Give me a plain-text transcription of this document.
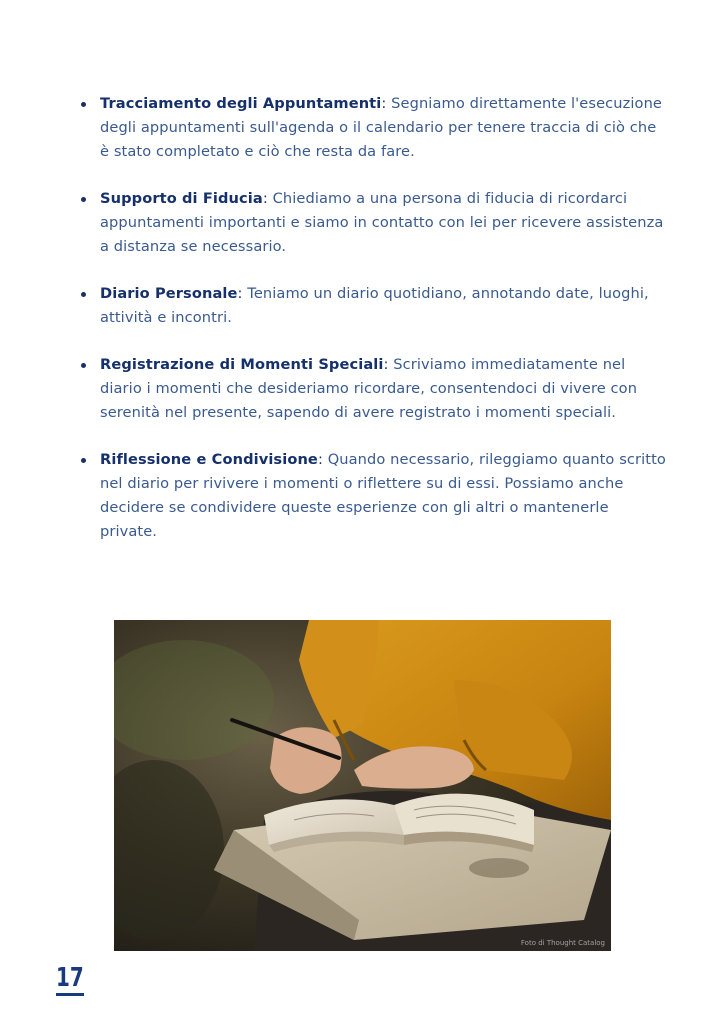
Tracciamento degli Appuntamenti: Segniamo direttamente l'esecuzione degli appuntamenti sull'agenda o il calendario per tenere traccia di ciò che è stato completato e ciò che resta da fare.
Supporto di Fiducia: Chiediamo a una persona di fiducia di ricordarci appuntamenti importanti e siamo in contatto con lei per ricevere assistenza a distanza se necessario.
Diario Personale: Teniamo un diario quotidiano, annotando date, luoghi, attività e incontri.
Registrazione di Momenti Speciali: Scriviamo immediatamente nel diario i momenti che desideriamo ricordare, consentendoci di vivere con serenità nel presente, sapendo di avere registrato i momenti speciali.
Riflessione e Condivisione: Quando necessario, rileggiamo quanto scritto nel diario per rivivere i momenti o riflettere su di essi. Possiamo anche decidere se condividere queste esperienze con gli altri o mantenerle private.
Foto di Thought Catalog
17
